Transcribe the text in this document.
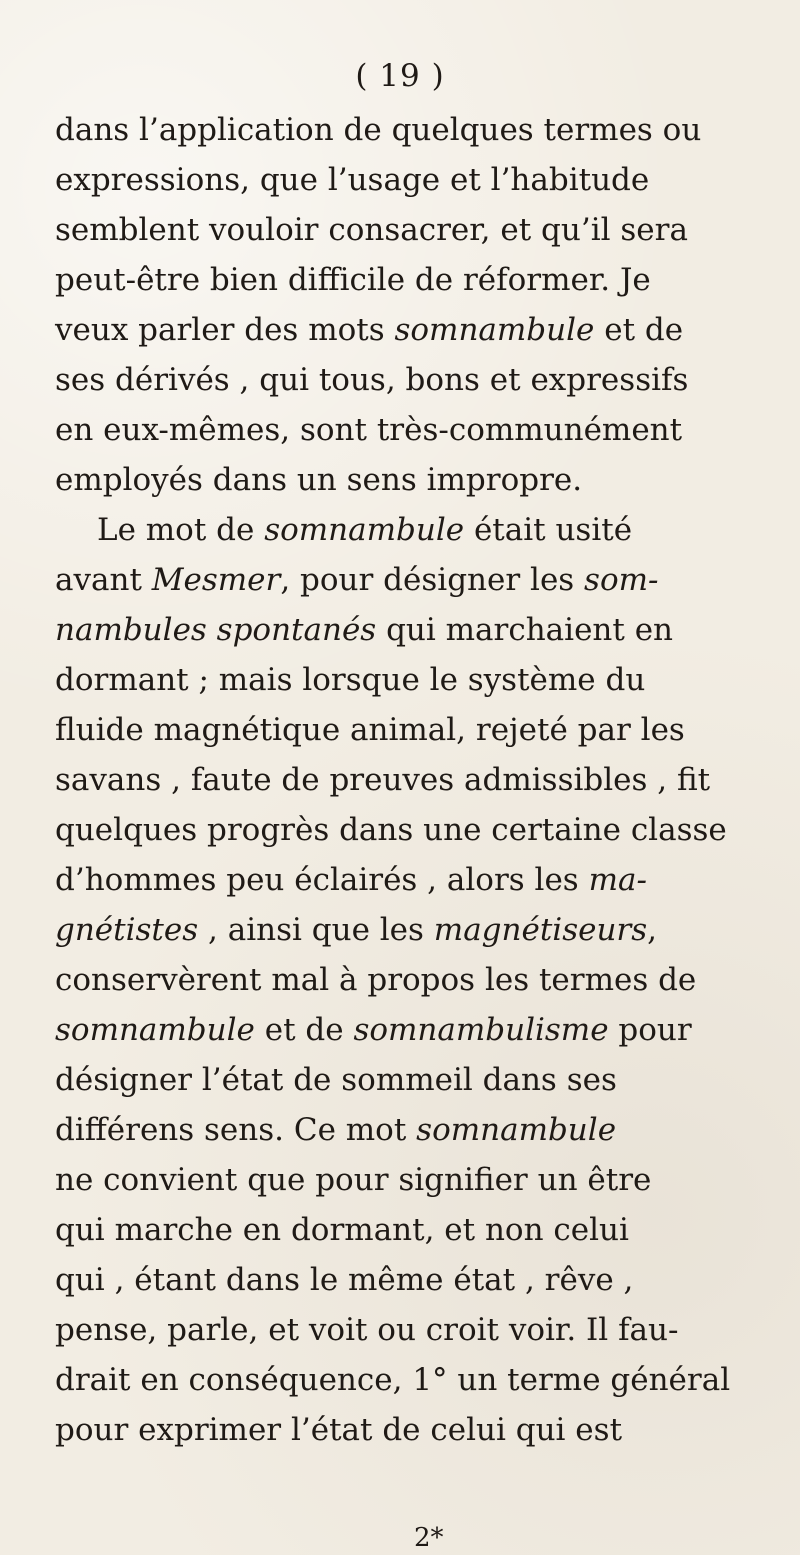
( 19 )
dans l’application de quelques termes ou
expressions, que l’usage et l’habitude
semblent vouloir consacrer, et qu’il sera
peut-être bien difficile de réformer. Je
veux parler des mots somnambule et de
ses dérivés , qui tous, bons et expressifs
en eux-mêmes, sont très-communément
employés dans un sens impropre.
Le mot de somnambule était usité
avant Mesmer, pour désigner les som-
nambules spontanés qui marchaient en
dormant ; mais lorsque le système du
fluide magnétique animal, rejeté par les
savans , faute de preuves admissibles , fit
quelques progrès dans une certaine classe
d’hommes peu éclairés , alors les ma-
gnétistes , ainsi que les magnétiseurs,
conservèrent mal à propos les termes de
somnambule et de somnambulisme pour
désigner l’état de sommeil dans ses
différens sens. Ce mot somnambule
ne convient que pour signifier un être
qui marche en dormant, et non celui
qui , étant dans le même état , rêve ,
pense, parle, et voit ou croit voir. Il fau-
drait en conséquence, 1° un terme général
pour exprimer l’état de celui qui est
2*
